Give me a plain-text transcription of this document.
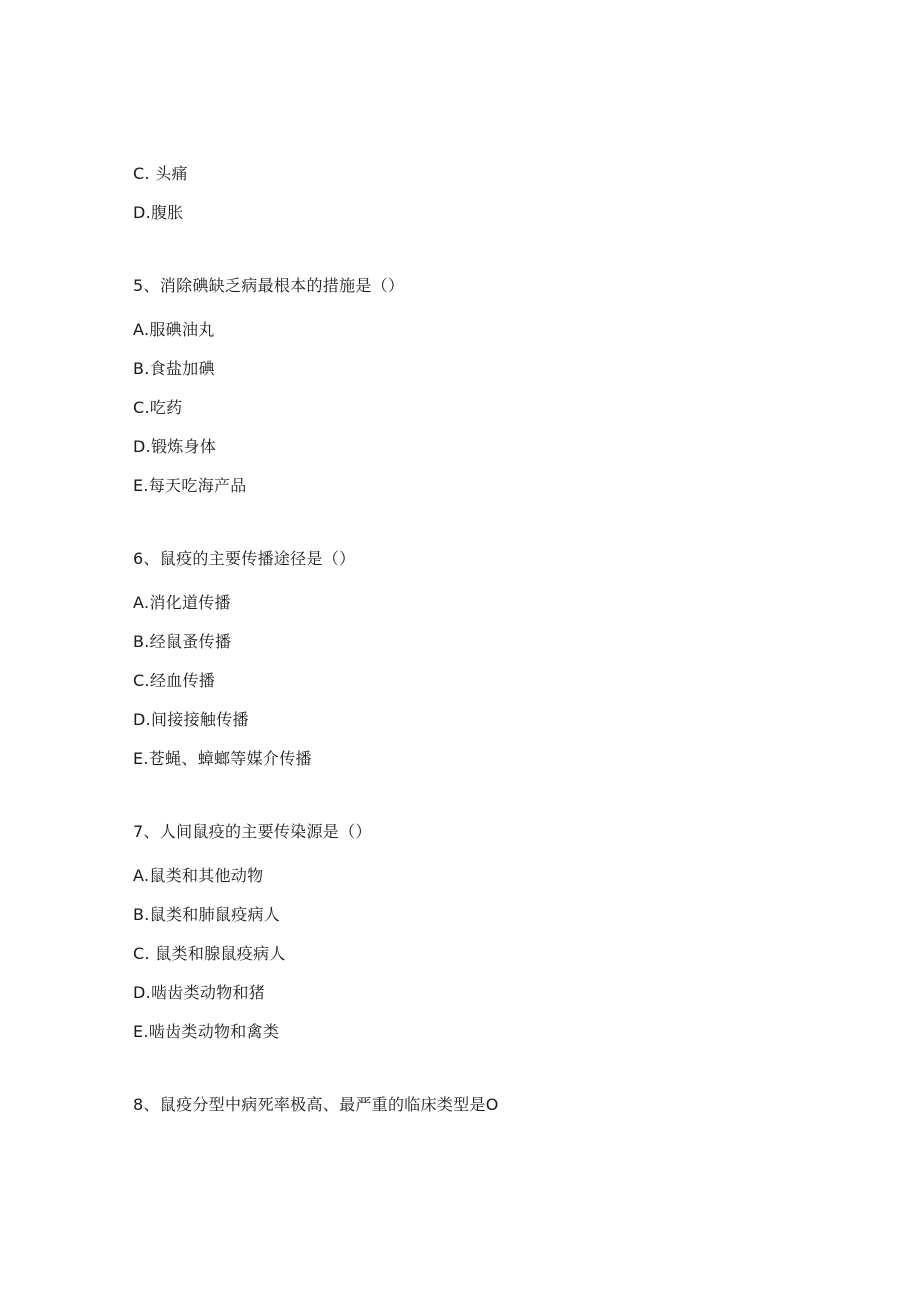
C. 头痛
D.腹胀
5、消除碘缺乏病最根本的措施是（）
A.服碘油丸
B.食盐加碘
C.吃药
D.锻炼身体
E.每天吃海产品
6、鼠疫的主要传播途径是（）
A.消化道传播
B.经鼠蚤传播
C.经血传播
D.间接接触传播
E.苍蝇、蟑螂等媒介传播
7、人间鼠疫的主要传染源是（）
A.鼠类和其他动物
B.鼠类和肺鼠疫病人
C. 鼠类和腺鼠疫病人
D.啮齿类动物和猪
E.啮齿类动物和禽类
8、鼠疫分型中病死率极高、最严重的临床类型是O
